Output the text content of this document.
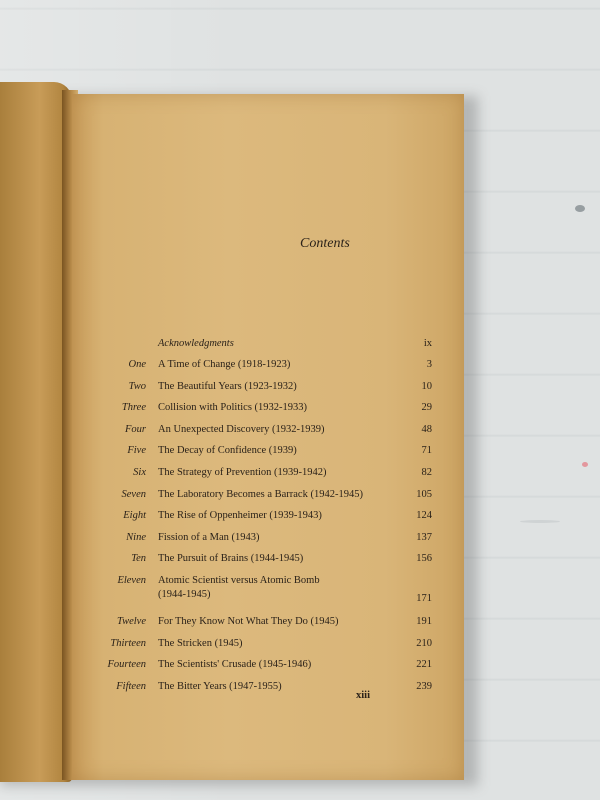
Contents
Acknowledgments	ix
One A Time of Change (1918-1923)	3
Two The Beautiful Years (1923-1932)	10
Three Collision with Politics (1932-1933)	29
Four An Unexpected Discovery (1932-1939)	48
Five The Decay of Confidence (1939)	71
Six The Strategy of Prevention (1939-1942)	82
Seven The Laboratory Becomes a Barrack (1942-1945)	105
Eight The Rise of Oppenheimer (1939-1943)	124
Nine Fission of a Man (1943)	137
Ten The Pursuit of Brains (1944-1945)	156
Eleven Atomic Scientist versus Atomic Bomb
(1944-1945)	171
Twelve For They Know Not What They Do (1945)	191
Thirteen The Stricken (1945)	210
Fourteen The Scientists' Crusade (1945-1946)	221
Fifteen The Bitter Years (1947-1955)	239
xiii
